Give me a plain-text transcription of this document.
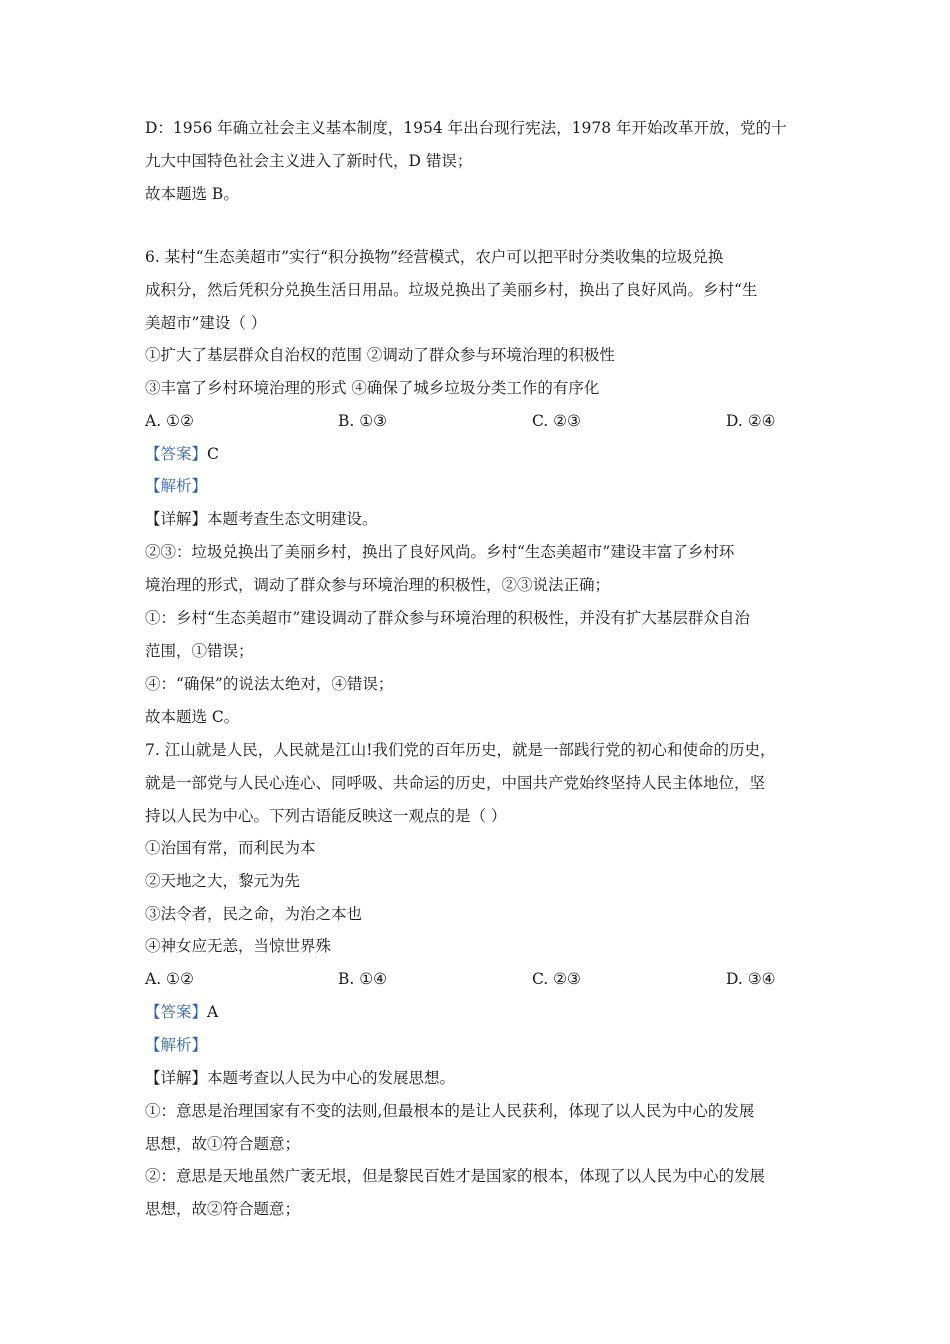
D：1956 年确立社会主义基本制度，1954 年出台现行宪法，1978 年开始改革开放，党的十
九大中国特色社会主义进入了新时代，D 错误；
故本题选 B。
6. 某村“生态美超市”实行“积分换物”经营模式，农户可以把平时分类收集的垃圾兑换
成积分，然后凭积分兑换生活日用品。垃圾兑换出了美丽乡村，换出了良好风尚。乡村“生
美超市”建设（ ）
①扩大了基层群众自治权的范围 ②调动了群众参与环境治理的积极性
③丰富了乡村环境治理的形式 ④确保了城乡垃圾分类工作的有序化
A. ①②	B. ①③	C. ②③	D. ②④
【答案】C
【解析】
【详解】本题考查生态文明建设。
②③：垃圾兑换出了美丽乡村，换出了良好风尚。乡村“生态美超市”建设丰富了乡村环
境治理的形式，调动了群众参与环境治理的积极性，②③说法正确；
①：乡村“生态美超市”建设调动了群众参与环境治理的积极性，并没有扩大基层群众自治
范围，①错误；
④：“确保”的说法太绝对，④错误；
故本题选 C。
7. 江山就是人民，人民就是江山!我们党的百年历史，就是一部践行党的初心和使命的历史，
就是一部党与人民心连心、同呼吸、共命运的历史，中国共产党始终坚持人民主体地位，坚
持以人民为中心。下列古语能反映这一观点的是（ ）
①治国有常，而利民为本
②天地之大，黎元为先
③法令者，民之命，为治之本也
④神女应无恙，当惊世界殊
A. ①②	B. ①④	C. ②③	D. ③④
【答案】A
【解析】
【详解】本题考查以人民为中心的发展思想。
①：意思是治理国家有不变的法则,但最根本的是让人民获利，体现了以人民为中心的发展
思想，故①符合题意；
②：意思是天地虽然广袤无垠，但是黎民百姓才是国家的根本，体现了以人民为中心的发展
思想，故②符合题意；
